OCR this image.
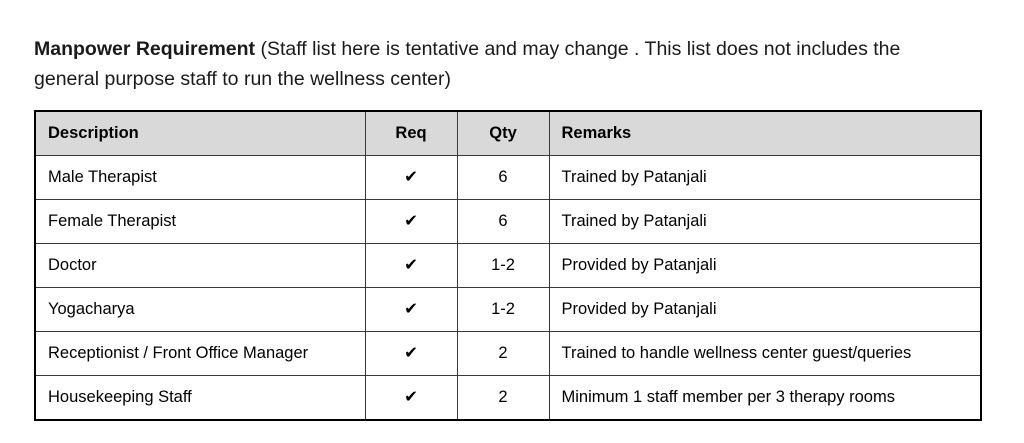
Manpower Requirement (Staff list here is tentative and may change . This list does not includes the general purpose staff to run the wellness center)

Description	Req	Qty	Remarks
Male Therapist	✔	6	Trained by Patanjali
Female Therapist	✔	6	Trained by Patanjali
Doctor	✔	1-2	Provided by Patanjali
Yogacharya	✔	1-2	Provided by Patanjali
Receptionist / Front Office Manager	✔	2	Trained to handle wellness center guest/queries
Housekeeping Staff	✔	2	Minimum 1 staff member per 3 therapy rooms
